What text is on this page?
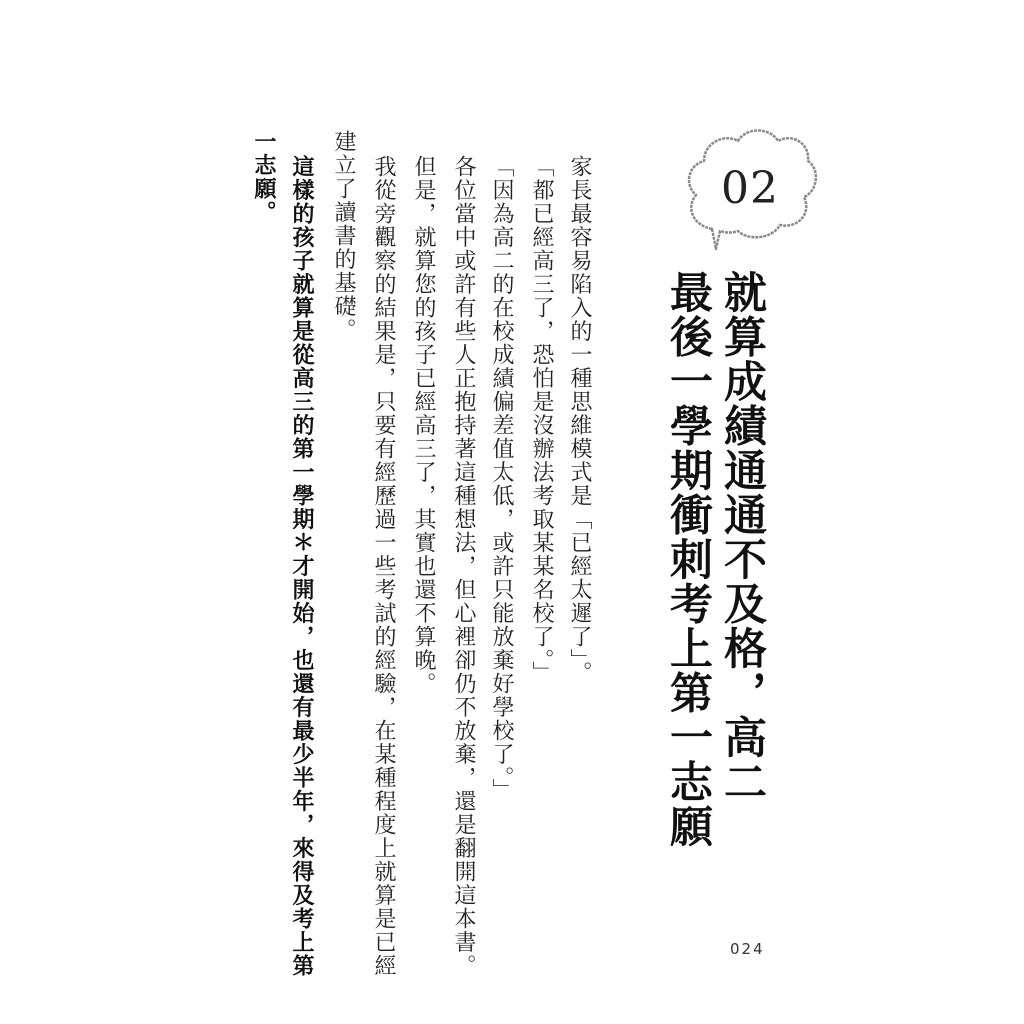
02
就算成績通通不及格，高二
最後一學期衝刺考上第一志願
家長最容易陷入的一種思維模式是「已經太遲了」。
「都已經高三了，恐怕是沒辦法考取某某名校了。」
「因為高二的在校成績偏差值太低，或許只能放棄好學校了。」
各位當中或許有些人正抱持著這種想法，但心裡卻仍不放棄，還是翻開這本書。
但是，就算您的孩子已經高三了，其實也還不算晚。
我從旁觀察的結果是，只要有經歷過一些考試的經驗，在某種程度上就算是已經
建立了讀書的基礎。
這樣的孩子就算是從高三的第一學期＊才開始，也還有最少半年，來得及考上第
一志願。
024
